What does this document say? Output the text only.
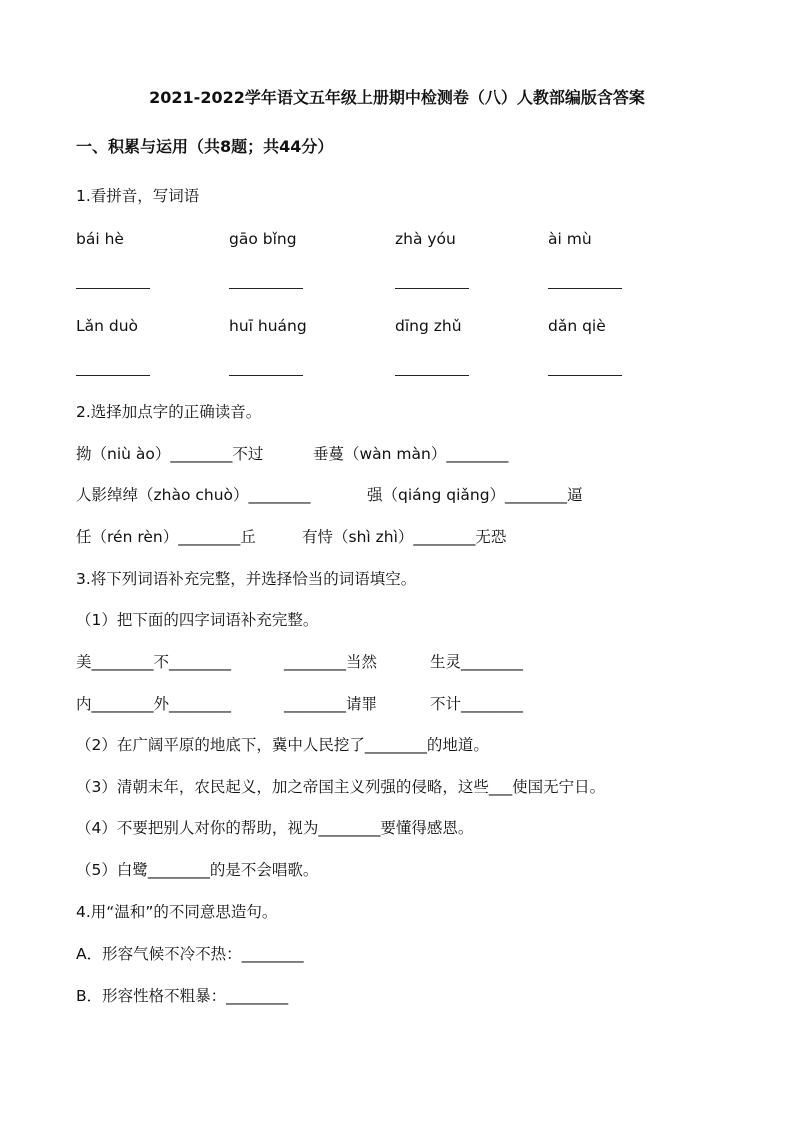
2021-2022学年语文五年级上册期中检测卷（八）人教部编版含答案
一、积累与运用（共8题；共44分）
1.看拼音，写词语
bái hè	gāo bǐng	zhà yóu	ài mù
Lǎn duò	huī huáng	dīng zhǔ	dǎn qiè
2.选择加点字的正确读音。
拗（niù ào）________不过	垂蔓（wàn màn）________
人影绰绰（zhào chuò）________	强（qiáng qiǎng）________逼
任（rén rèn）________丘	有恃（shì zhì）________无恐
3.将下列词语补充完整，并选择恰当的词语填空。
（1）把下面的四字词语补充完整。
美________不________	________当然	生灵________
内________外________	________请罪	不计________
（2）在广阔平原的地底下，冀中人民挖了________的地道。
（3）清朝末年，农民起义，加之帝国主义列强的侵略，这些___使国无宁日。
（4）不要把别人对你的帮助，视为________要懂得感恩。
（5）白鹭________的是不会唱歌。
4.用“温和”的不同意思造句。
A．形容气候不冷不热：________
B．形容性格不粗暴：________
